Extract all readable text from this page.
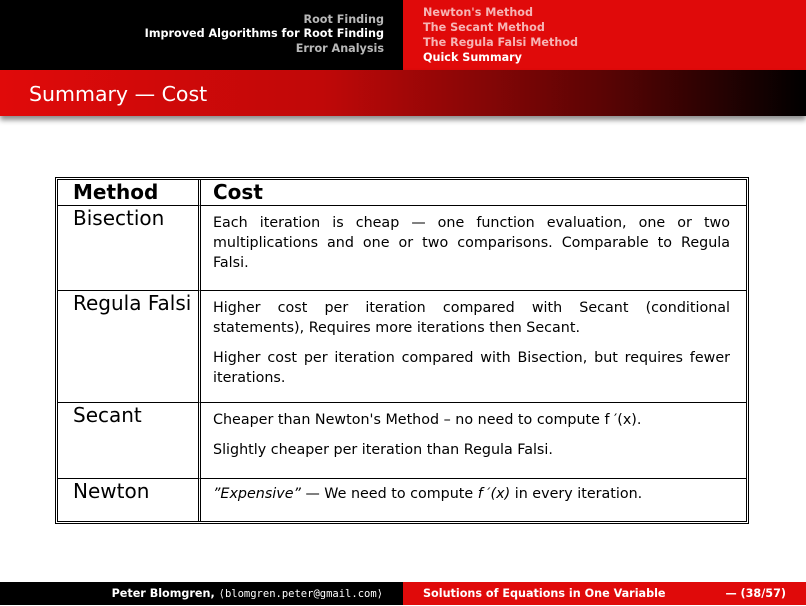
Root Finding
Improved Algorithms for Root Finding
Error Analysis
Newton's Method
The Secant Method
The Regula Falsi Method
Quick Summary
Summary — Cost
Method	Cost
Bisection	Each iteration is cheap — one function evaluation, one or two multiplications and one or two comparisons. Comparable to Regula Falsi.

Regula Falsi	Higher cost per iteration compared with Secant (conditional statements), Requires more iterations then Secant.

Higher cost per iteration compared with Bisection, but requires fewer iterations.

Secant	Cheaper than Newton's Method – no need to compute f ′(x).

Slightly cheaper per iteration than Regula Falsi.

Newton	”Expensive” — We need to compute f ′(x) in every iteration.

Peter Blomgren, ⟨blomgren.peter@gmail.com⟩	Solutions of Equations in One Variable	— (38/57)
